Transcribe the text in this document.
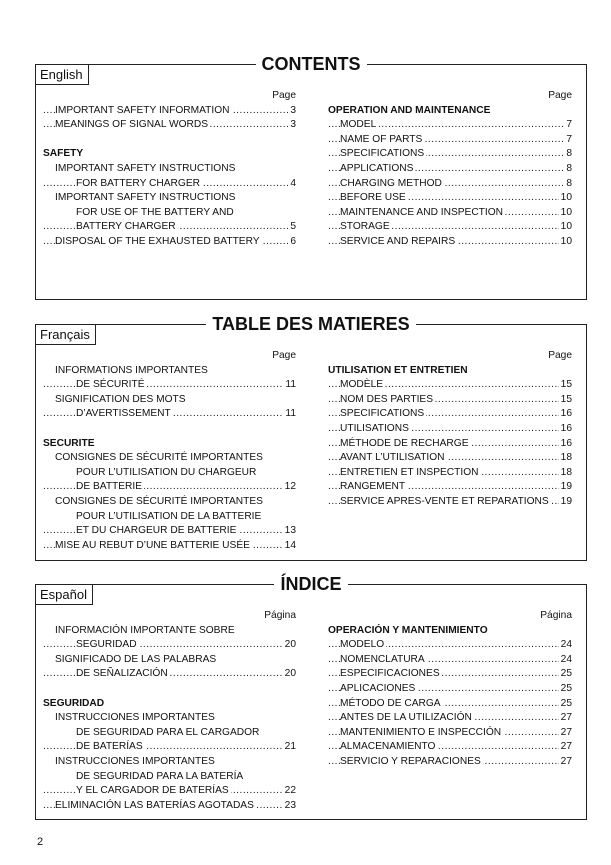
English
CONTENTS
Page
..... IMPORTANT SAFETY INFORMATION	3
..... MEANINGS OF SIGNAL WORDS	3
SAFETY
IMPORTANT SAFETY INSTRUCTIONS
..... FOR BATTERY CHARGER	4
IMPORTANT SAFETY INSTRUCTIONS
FOR USE OF THE BATTERY AND
..... BATTERY CHARGER	5
..... DISPOSAL OF THE EXHAUSTED BATTERY	6
Page
OPERATION AND MAINTENANCE
..... MODEL	7
..... NAME OF PARTS	7
..... SPECIFICATIONS	8
..... APPLICATIONS	8
..... CHARGING METHOD	8
..... BEFORE USE	10
..... MAINTENANCE AND INSPECTION	10
..... STORAGE	10
..... SERVICE AND REPAIRS	10
Français
TABLE DES MATIERES
Page
INFORMATIONS IMPORTANTES
..... DE SÉCURITÉ	11
SIGNIFICATION DES MOTS
..... D’AVERTISSEMENT	11
SECURITE
CONSIGNES DE SÉCURITÉ IMPORTANTES
POUR L’UTILISATION DU CHARGEUR
..... DE BATTERIE	12
CONSIGNES DE SÉCURITÉ IMPORTANTES
POUR L’UTILISATION DE LA BATTERIE
..... ET DU CHARGEUR DE BATTERIE	13
..... MISE AU REBUT D’UNE BATTERIE USÉE	14
Page
UTILISATION ET ENTRETIEN
..... MODÈLE	15
..... NOM DES PARTIES	15
..... SPECIFICATIONS	16
..... UTILISATIONS	16
..... MÉTHODE DE RECHARGE	16
..... AVANT L’UTILISATION	18
..... ENTRETIEN ET INSPECTION	18
..... RANGEMENT	19
..... SERVICE APRES-VENTE ET REPARATIONS 19
Español
ÍNDICE
Página
INFORMACIÓN IMPORTANTE SOBRE
..... SEGURIDAD	20
SIGNIFICADO DE LAS PALABRAS
..... DE SEÑALIZACIÓN	20
SEGURIDAD
INSTRUCCIONES IMPORTANTES
DE SEGURIDAD PARA EL CARGADOR
..... DE BATERÍAS	21
INSTRUCCIONES IMPORTANTES
DE SEGURIDAD PARA LA BATERÍA
..... Y EL CARGADOR DE BATERÍAS	22
..... ELIMINACIÓN LAS BATERÍAS AGOTADAS	23
Página
OPERACIÓN Y MANTENIMIENTO
..... MODELO	24
..... NOMENCLATURA	24
..... ESPECIFICACIONES	25
..... APLICACIONES	25
..... MÉTODO DE CARGA	25
..... ANTES DE LA UTILIZACIÓN	27
..... MANTENIMIENTO E INSPECCIÓN	27
..... ALMACENAMIENTO	27
..... SERVICIO Y REPARACIONES	27
2
